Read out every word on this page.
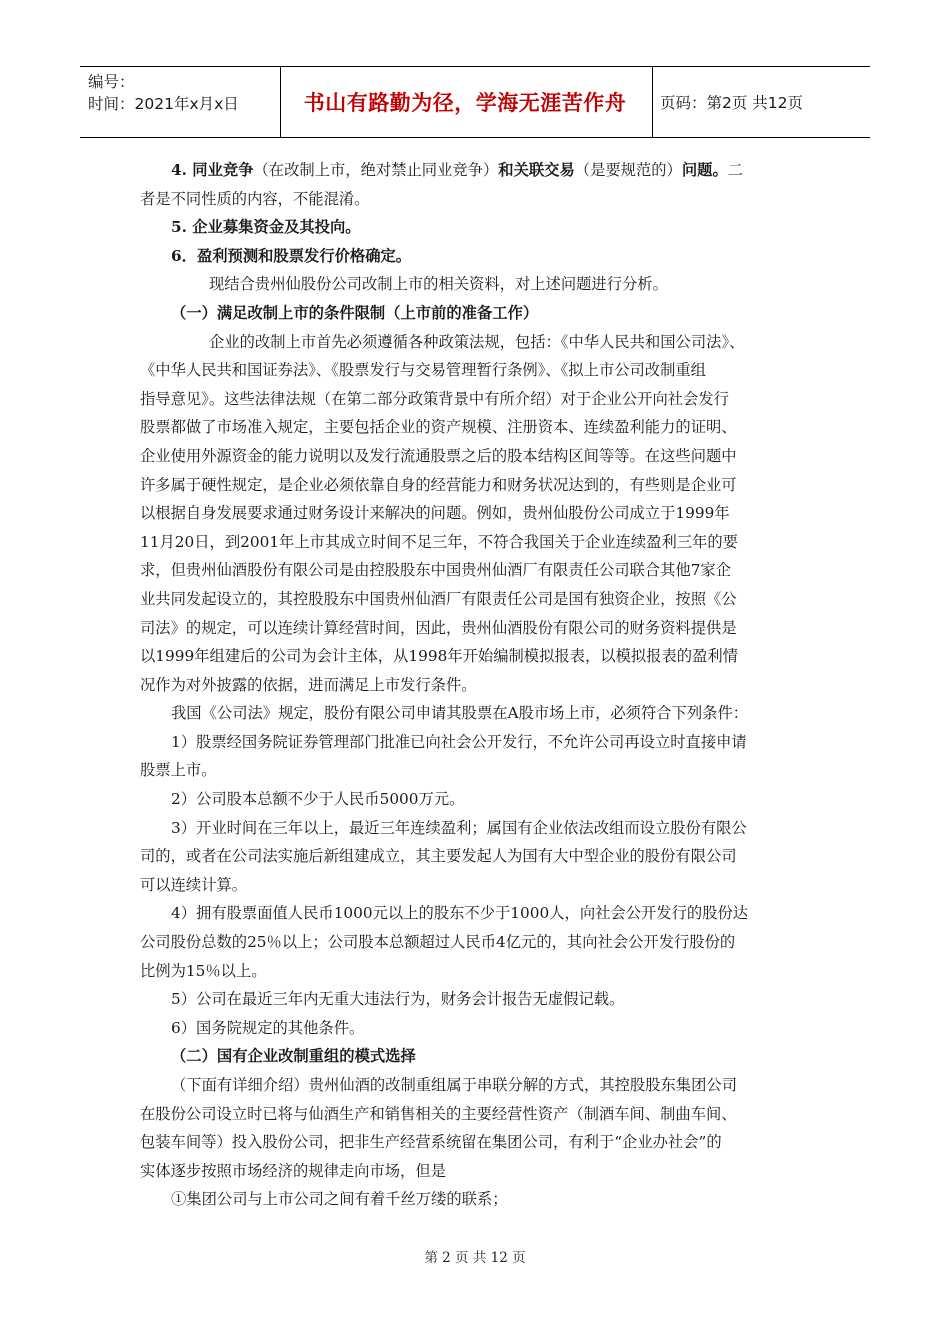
编号：
时间：2021年x月x日	书山有路勤为径，学海无涯苦作舟	页码：第2页 共12页
4. 同业竞争（在改制上市，绝对禁止同业竞争）和关联交易（是要规范的）问题。二
者是不同性质的内容，不能混淆。
5. 企业募集资金及其投向。
6．盈利预测和股票发行价格确定。
现结合贵州仙股份公司改制上市的相关资料，对上述问题进行分析。
（一）满足改制上市的条件限制（上市前的准备工作）
企业的改制上市首先必须遵循各种政策法规，包括：《中华人民共和国公司法》、
《中华人民共和国证券法》、《股票发行与交易管理暂行条例》、《拟上市公司改制重组
指导意见》。这些法律法规（在第二部分政策背景中有所介绍）对于企业公开向社会发行
股票都做了市场准入规定，主要包括企业的资产规模、注册资本、连续盈利能力的证明、
企业使用外源资金的能力说明以及发行流通股票之后的股本结构区间等等。在这些问题中
许多属于硬性规定，是企业必须依靠自身的经营能力和财务状况达到的，有些则是企业可
以根据自身发展要求通过财务设计来解决的问题。例如，贵州仙股份公司成立于1999年
11月20日，到2001年上市其成立时间不足三年，不符合我国关于企业连续盈利三年的要
求，但贵州仙酒股份有限公司是由控股股东中国贵州仙酒厂有限责任公司联合其他7家企
业共同发起设立的，其控股股东中国贵州仙酒厂有限责任公司是国有独资企业，按照《公
司法》的规定，可以连续计算经营时间，因此，贵州仙酒股份有限公司的财务资料提供是
以1999年组建后的公司为会计主体，从1998年开始编制模拟报表，以模拟报表的盈利情
况作为对外披露的依据，进而满足上市发行条件。
我国《公司法》规定，股份有限公司申请其股票在A股市场上市，必须符合下列条件：
1）股票经国务院证券管理部门批准已向社会公开发行，不允许公司再设立时直接申请
股票上市。
2）公司股本总额不少于人民币5000万元。
3）开业时间在三年以上，最近三年连续盈利；属国有企业依法改组而设立股份有限公
司的，或者在公司法实施后新组建成立，其主要发起人为国有大中型企业的股份有限公司
可以连续计算。
4）拥有股票面值人民币1000元以上的股东不少于1000人，向社会公开发行的股份达
公司股份总数的25％以上；公司股本总额超过人民币4亿元的，其向社会公开发行股份的
比例为15％以上。
5）公司在最近三年内无重大违法行为，财务会计报告无虚假记载。
6）国务院规定的其他条件。
（二）国有企业改制重组的模式选择
（下面有详细介绍）贵州仙酒的改制重组属于串联分解的方式，其控股股东集团公司
在股份公司设立时已将与仙酒生产和销售相关的主要经营性资产（制酒车间、制曲车间、
包装车间等）投入股份公司，把非生产经营系统留在集团公司，有利于“企业办社会”的
实体逐步按照市场经济的规律走向市场，但是
①集团公司与上市公司之间有着千丝万缕的联系；
第 2 页 共 12 页
